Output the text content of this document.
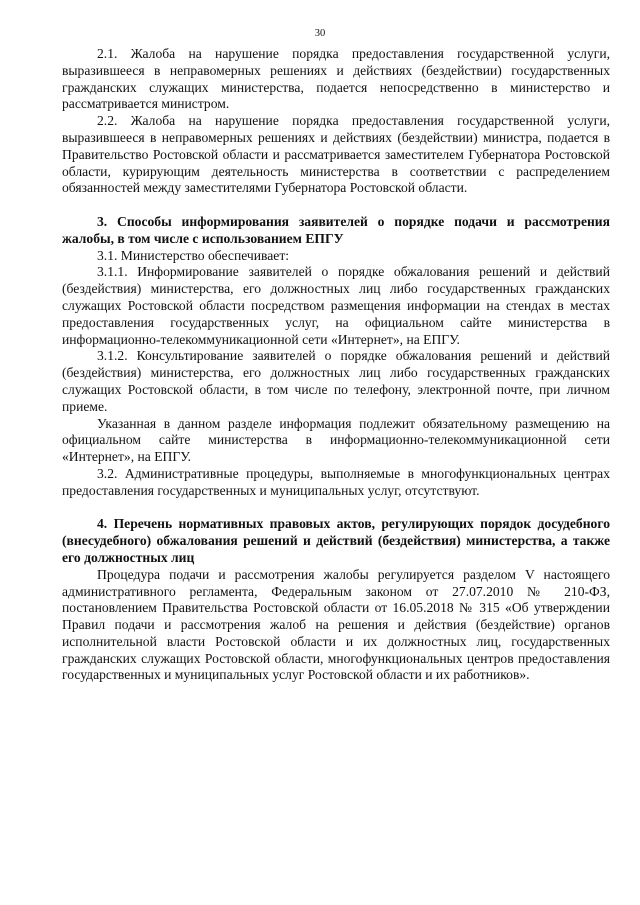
30

2.1. Жалоба на нарушение порядка предоставления государственной услуги, выразившееся в неправомерных решениях и действиях (бездействии) государственных гражданских служащих министерства, подается непосредственно в министерство и рассматривается министром.

2.2. Жалоба на нарушение порядка предоставления государственной услуги, выразившееся в неправомерных решениях и действиях (бездействии) министра, подается в Правительство Ростовской области и рассматривается заместителем Губернатора Ростовской области, курирующим деятельность министерства в соответствии с распределением обязанностей между заместителями Губернатора Ростовской области.

3. Способы информирования заявителей о порядке подачи и рассмотрения жалобы, в том числе с использованием ЕПГУ

3.1. Министерство обеспечивает:

3.1.1. Информирование заявителей о порядке обжалования решений и действий (бездействия) министерства, его должностных лиц либо государственных гражданских служащих Ростовской области посредством размещения информации на стендах в местах предоставления государственных услуг, на официальном сайте министерства в информационно-телекоммуникационной сети «Интернет», на ЕПГУ.

3.1.2. Консультирование заявителей о порядке обжалования решений и действий (бездействия) министерства, его должностных лиц либо государственных гражданских служащих Ростовской области, в том числе по телефону, электронной почте, при личном приеме.

Указанная в данном разделе информация подлежит обязательному размещению на официальном сайте министерства в информационно-телекоммуникационной сети «Интернет», на ЕПГУ.

3.2. Административные процедуры, выполняемые в многофункциональных центрах предоставления государственных и муниципальных услуг, отсутствуют.

4. Перечень нормативных правовых актов, регулирующих порядок досудебного (внесудебного) обжалования решений и действий (бездействия) министерства, а также его должностных лиц

Процедура подачи и рассмотрения жалобы регулируется разделом V настоящего административного регламента, Федеральным законом от 27.07.2010 № 210-ФЗ, постановлением Правительства Ростовской области от 16.05.2018 № 315 «Об утверждении Правил подачи и рассмотрения жалоб на решения и действия (бездействие) органов исполнительной власти Ростовской области и их должностных лиц, государственных гражданских служащих Ростовской области, многофункциональных центров предоставления государственных и муниципальных услуг Ростовской области и их работников».
